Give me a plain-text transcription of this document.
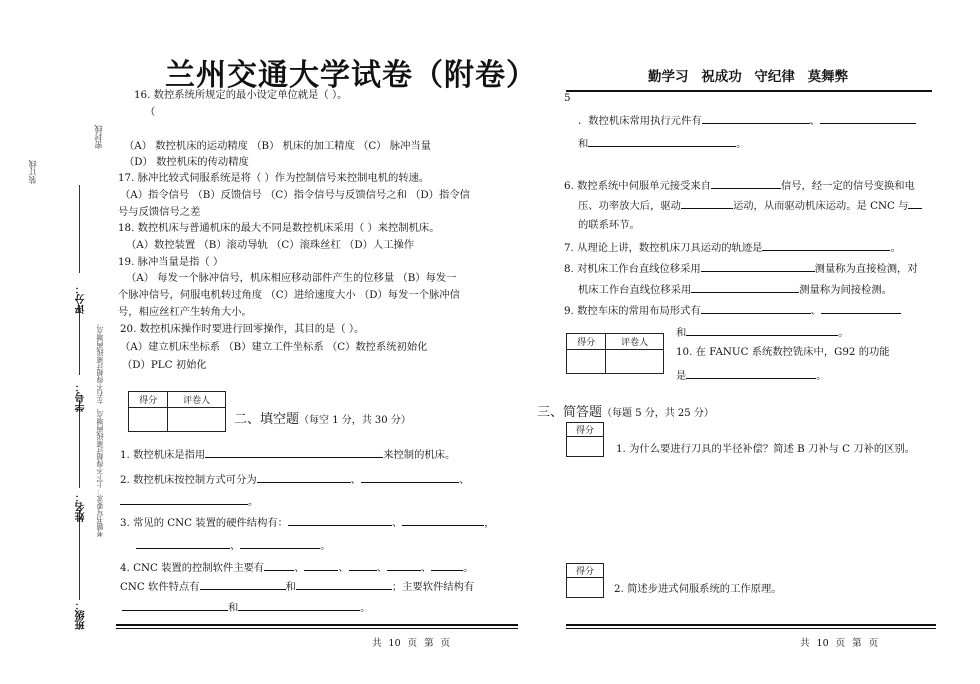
装订线
密封线
考题书写要求：上下不得超过黑线两端点，左右不得超过黑线两端点。
评分：
学号：
姓名：
班级：
兰州交通大学试卷（附卷）	勤学习 祝成功 守纪律 莫舞弊
16. 数控系统所规定的最小设定单位就是（ ）。
（
（A） 数控机床的运动精度 （B） 机床的加工精度 （C） 脉冲当量
（D） 数控机床的传动精度
17. 脉冲比较式伺服系统是将（ ）作为控制信号来控制电机的转速。
（A）指令信号 （B）反馈信号 （C）指令信号与反馈信号之和 （D）指令信
号与反馈信号之差
18. 数控机床与普通机床的最大不同是数控机床采用（ ）来控制机床。
（A）数控装置 （B）滚动导轨 （C）滚珠丝杠 （D）人工操作
19. 脉冲当量是指（ ）
（A） 每发一个脉冲信号，机床相应移动部件产生的位移量 （B）每发一
个脉冲信号，伺服电机转过角度 （C）进给速度大小 （D）每发一个脉冲信
号，相应丝杠产生转角大小。
20. 数控机床操作时要进行回零操作，其目的是（ ）。
（A）建立机床坐标系 （B）建立工件坐标系 （C）数控系统初始化
（D）PLC 初始化
得分	评卷人

二、填空题（每空 1 分，共 30 分）
1. 数控机床是指用	来控制的机床。
2. 数控机床按控制方式可分为	、	、
。
3. 常见的 CNC 装置的硬件结构有：	、	，
、	。
4. CNC 装置的控制软件主要有	、	、	、	、	。
CNC 软件特点有	和	；主要软件结构有
和	。
共 10 页 第 页
5
．数控机床常用执行元件有	、
和	。
6. 数控系统中伺服单元接受来自	信号，经一定的信号变换和电
压、功率放大后，驱动	运动，从而驱动机床运动。是 CNC 与
的联系环节。
7. 从理论上讲，数控机床刀具运动的轨迹是	。
8. 对机床工作台直线位移采用	测量称为直接检测，对
机床工作台直线位移采用	测量称为间接检测。
9. 数控车床的常用布局形式有	、
得分	评卷人

和	。
10. 在 FANUC 系统数控铣床中，G92 的功能
是	。
三、简答题（每题 5 分，共 25 分）
得分

1. 为什么要进行刀具的半径补偿？简述 B 刀补与 C 刀补的区别。
得分

2. 简述步进式伺服系统的工作原理。
共 10 页 第 页
